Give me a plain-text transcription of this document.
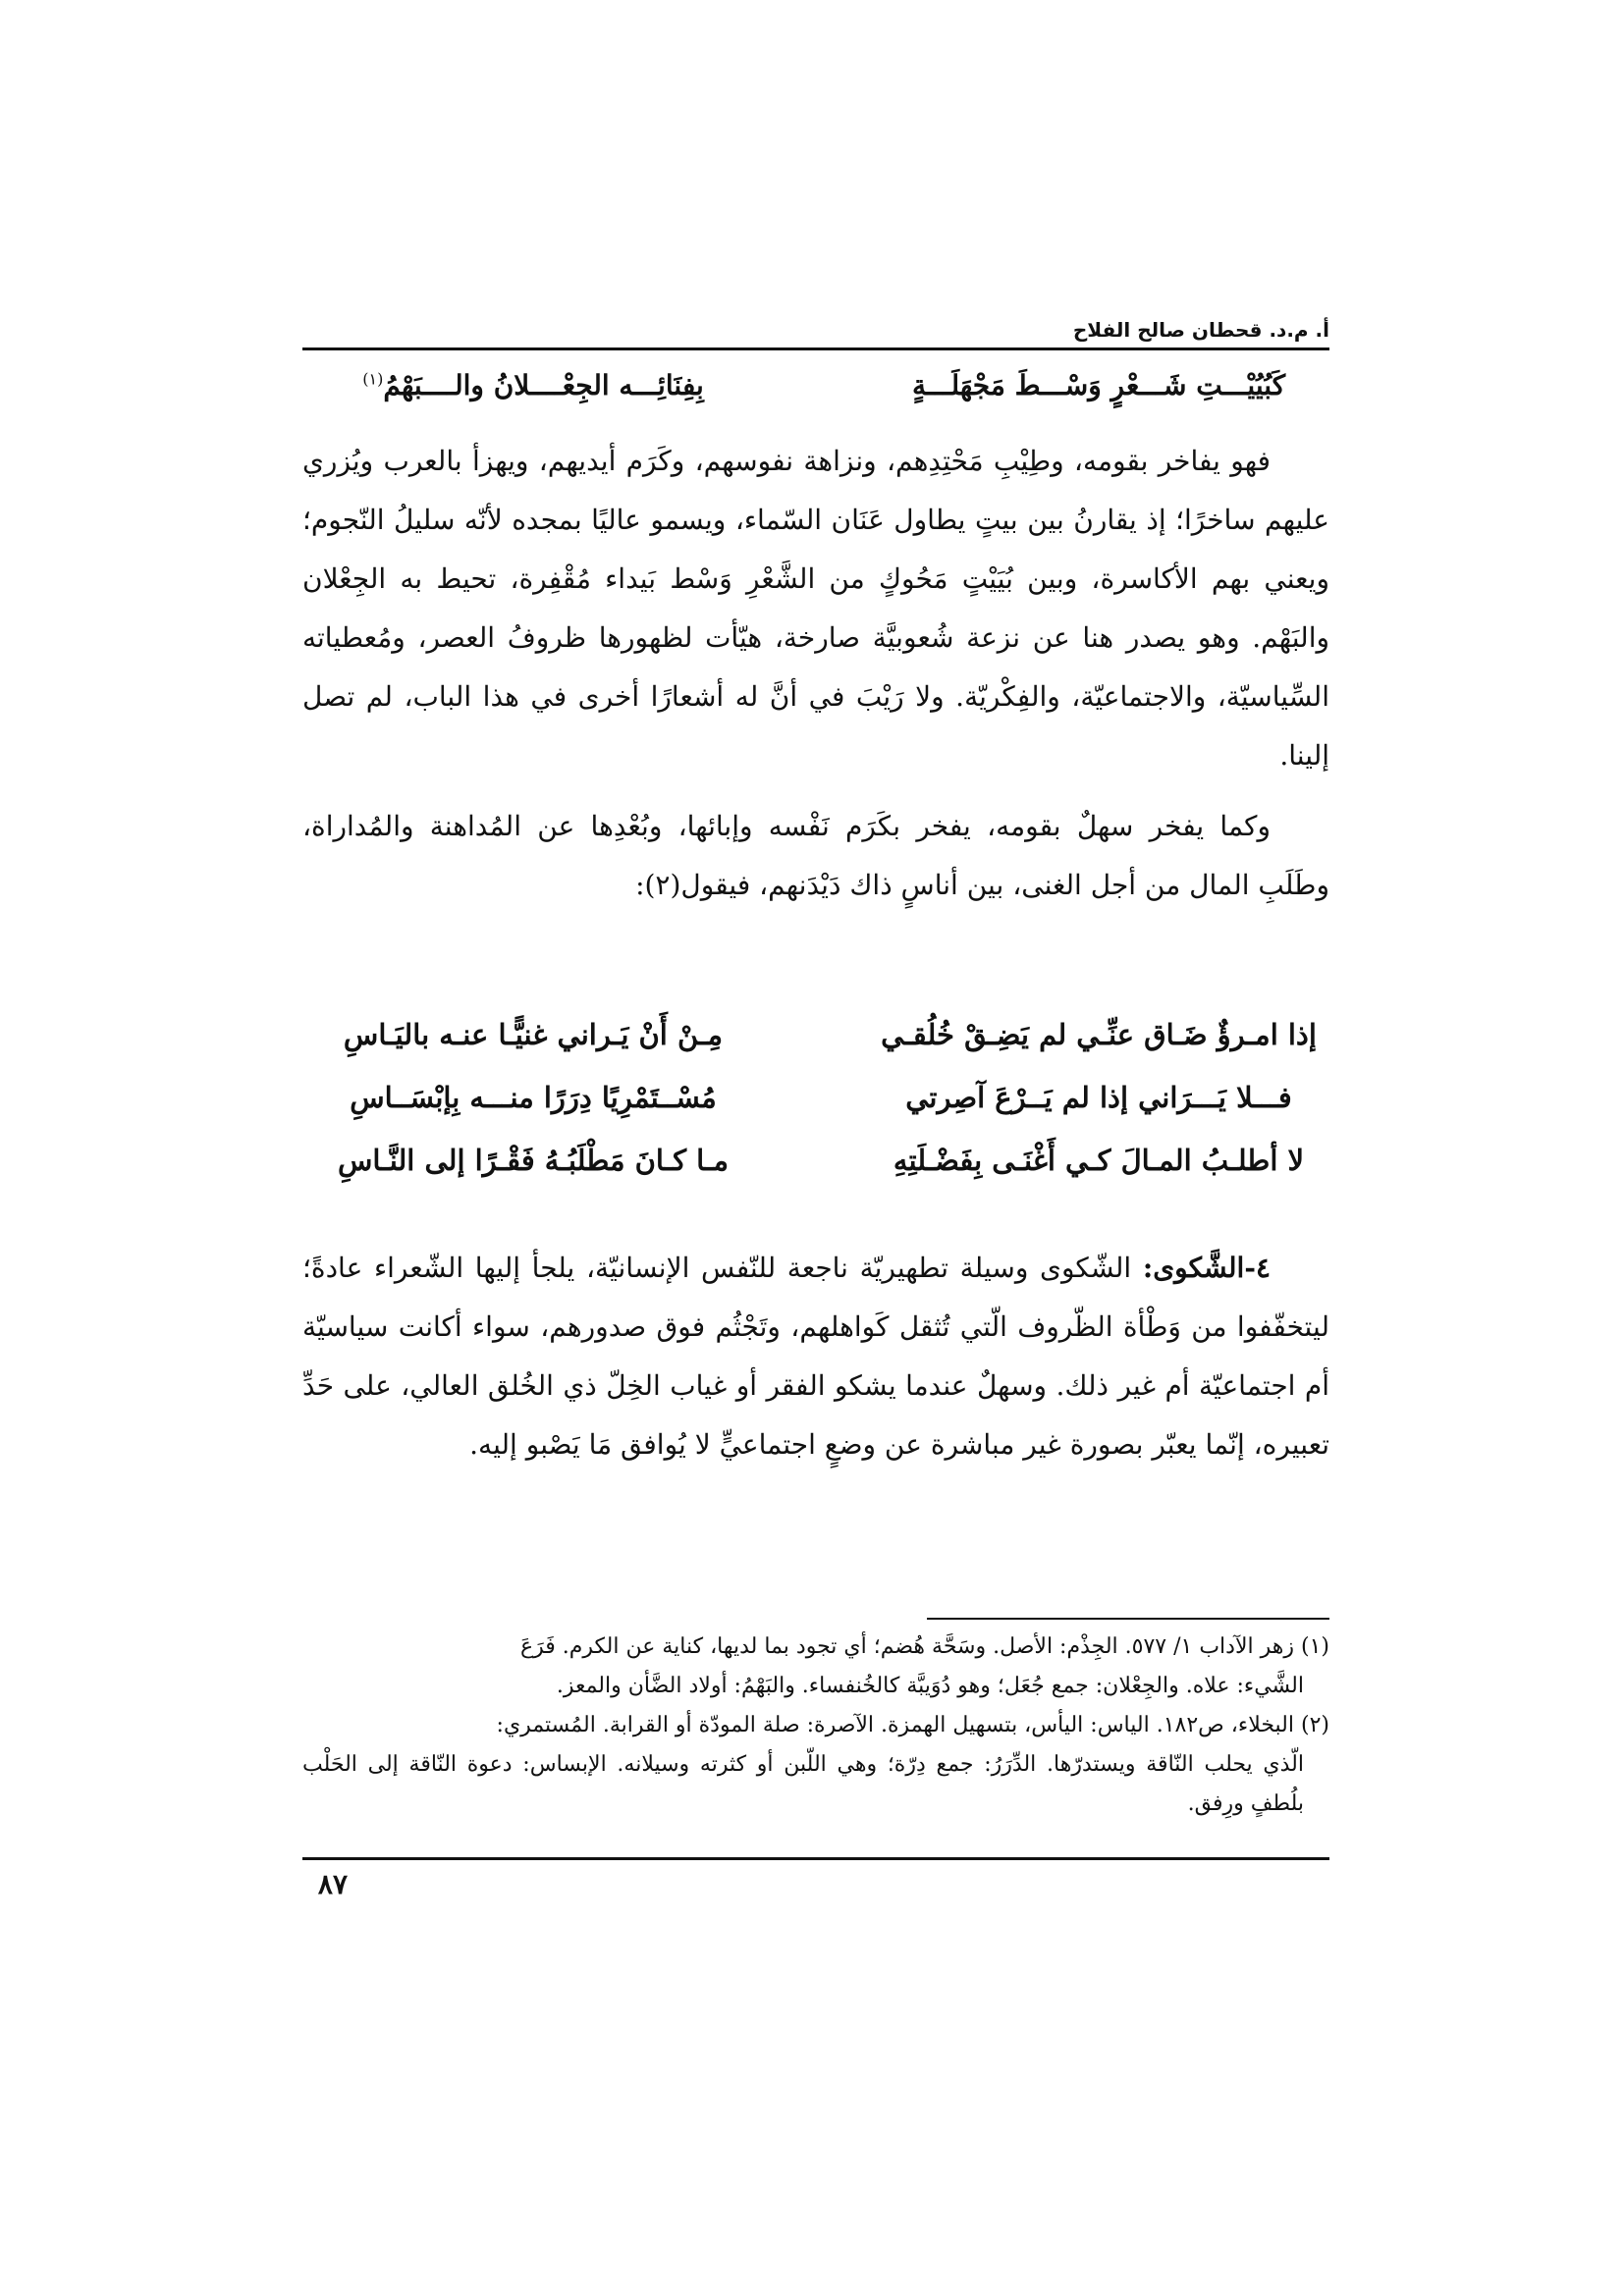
أ. م.د. قحطان صالح الفلاح
كَبُيُيْـــتِ شَـــعْرٍ وَسْـــطَ مَجْهَلَـــةٍ
بِفِنَائِـــه الجِعْــــلانُ والــــبَهْمُ$^{(١)}$

فهو يفاخر بقومه، وطِيْبِ مَحْتِدِهم، ونزاهة نفوسهم، وكَرَم أيديهم، ويهزأ بالعرب ويُزري عليهم ساخرًا؛ إذ يقارنُ بين بيتٍ يطاول عَنَان السّماء، ويسمو عاليًا بمجده لأنّه سليلُ النّجوم؛ ويعني بهم الأكاسرة، وبين بُيَيْتٍ مَحُوكٍ من الشَّعْرِ وَسْط بَيداء مُقْفِرة، تحيط به الجِعْلان والبَهْم. وهو يصدر هنا عن نزعة شُعوبيَّة صارخة، هيّأت لظهورها ظروفُ العصر، ومُعطياته السِّياسيّة، والاجتماعيّة، والفِكْريّة. ولا رَيْبَ في أنَّ له أشعارًا أخرى في هذا الباب، لم تصل إلينا.

وكما يفخر سهلٌ بقومه، يفخر بكَرَم نَفْسه وإبائها، وبُعْدِها عن المُداهنة والمُداراة، وطَلَبِ المال من أجل الغنى، بين أناسٍ ذاك دَيْدَنهم، فيقول(٢):

إذا امـرؤٌ ضَـاق عنِّـي لم يَضِـقْ خُلُقـي
مِـنْ أَنْ يَـراني غنيًّـا عنـه باليَـاسِ
فـــلا يَـــرَاني إذا لم يَــرْعَ آصِرتي
مُسْــتَمْرِيًا دِرَرًا منـــه بِإبْسَــاسِ
لا أطلـبُ المـالَ كـي أَغْنَـى بِفَضْـلَتِهِ
مـا كـانَ مَطْلَبُـهُ فَقْـرًا إلى النَّـاسِ

٤-الشَّكوى: الشّكوى وسيلة تطهيريّة ناجعة للنّفس الإنسانيّة، يلجأ إليها الشّعراء عادةً؛ ليتخفّفوا من وَطْأة الظّروف الّتي تُثقل كَواهلهم، وتَجْثُم فوق صدورهم، سواء أكانت سياسيّة أم اجتماعيّة أم غير ذلك. وسهلٌ عندما يشكو الفقر أو غياب الخِلّ ذي الخُلق العالي، على حَدِّ تعبيره، إنّما يعبّر بصورة غير مباشرة عن وضعٍ اجتماعيٍّ لا يُوافق مَا يَصْبو إليه.

(١) زهر الآداب ١/ ٥٧٧. الجِذْم: الأصل. وسَحَّة هُضم؛ أي تجود بما لديها، كناية عن الكرم. فَرَعَ
الشَّيء: علاه. والجِعْلان: جمع جُعَل؛ وهو دُوَيبَّة كالخُنفساء. والبَهْمُ: أولاد الضَّأن والمعز.
(٢) البخلاء، ص١٨٢. الياس: اليأس، بتسهيل الهمزة. الآصرة: صلة المودّة أو القرابة. المُستمري:
الّذي يحلب النّاقة ويستدرّها. الدِّرَرُ: جمع دِرّة؛ وهي اللّبن أو كثرته وسيلانه. الإبساس: دعوة النّاقة إلى الحَلْب بلُطفٍ ورِفق.
٨٧
